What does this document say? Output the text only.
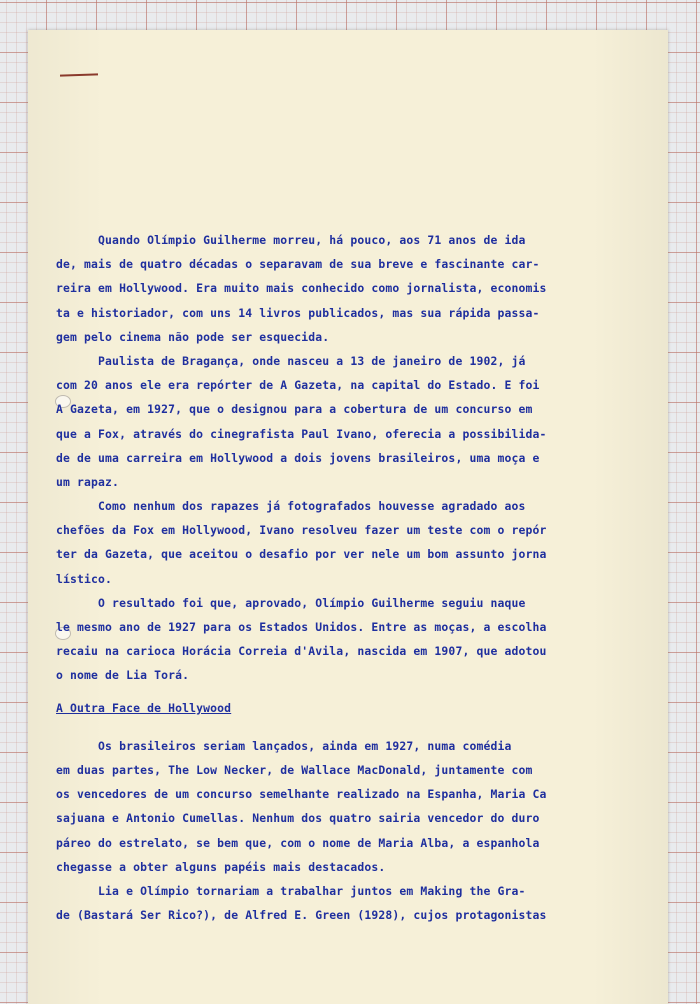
Quando Olímpio Guilherme morreu, há pouco, aos 71 anos de ida
de, mais de quatro décadas o separavam de sua breve e fascinante car-
reira em Hollywood. Era muito mais conhecido como jornalista, economis
ta e historiador, com uns 14 livros publicados, mas sua rápida passa-
gem pelo cinema não pode ser esquecida.
Paulista de Bragança, onde nasceu a 13 de janeiro de 1902, já
com 20 anos ele era repórter de A Gazeta, na capital do Estado. E foi
A Gazeta, em 1927, que o designou para a cobertura de um concurso em
que a Fox, através do cinegrafista Paul Ivano, oferecia a possibilida-
de de uma carreira em Hollywood a dois jovens brasileiros, uma moça e
um rapaz.
Como nenhum dos rapazes já fotografados houvesse agradado aos
chefões da Fox em Hollywood, Ivano resolveu fazer um teste com o repór
ter da Gazeta, que aceitou o desafio por ver nele um bom assunto jorna
lístico.
O resultado foi que, aprovado, Olímpio Guilherme seguiu naque
le mesmo ano de 1927 para os Estados Unidos. Entre as moças, a escolha
recaiu na carioca Horácia Correia d'Avila, nascida em 1907, que adotou
o nome de Lia Torá.
A Outra Face de Hollywood
Os brasileiros seriam lançados, ainda em 1927, numa comédia
em duas partes, The Low Necker, de Wallace MacDonald, juntamente com
os vencedores de um concurso semelhante realizado na Espanha, Maria Ca
sajuana e Antonio Cumellas. Nenhum dos quatro sairia vencedor do duro
páreo do estrelato, se bem que, com o nome de Maria Alba, a espanhola
chegasse a obter alguns papéis mais destacados.
Lia e Olímpio tornariam a trabalhar juntos em Making the Gra-
de (Bastará Ser Rico?), de Alfred E. Green (1928), cujos protagonistas
